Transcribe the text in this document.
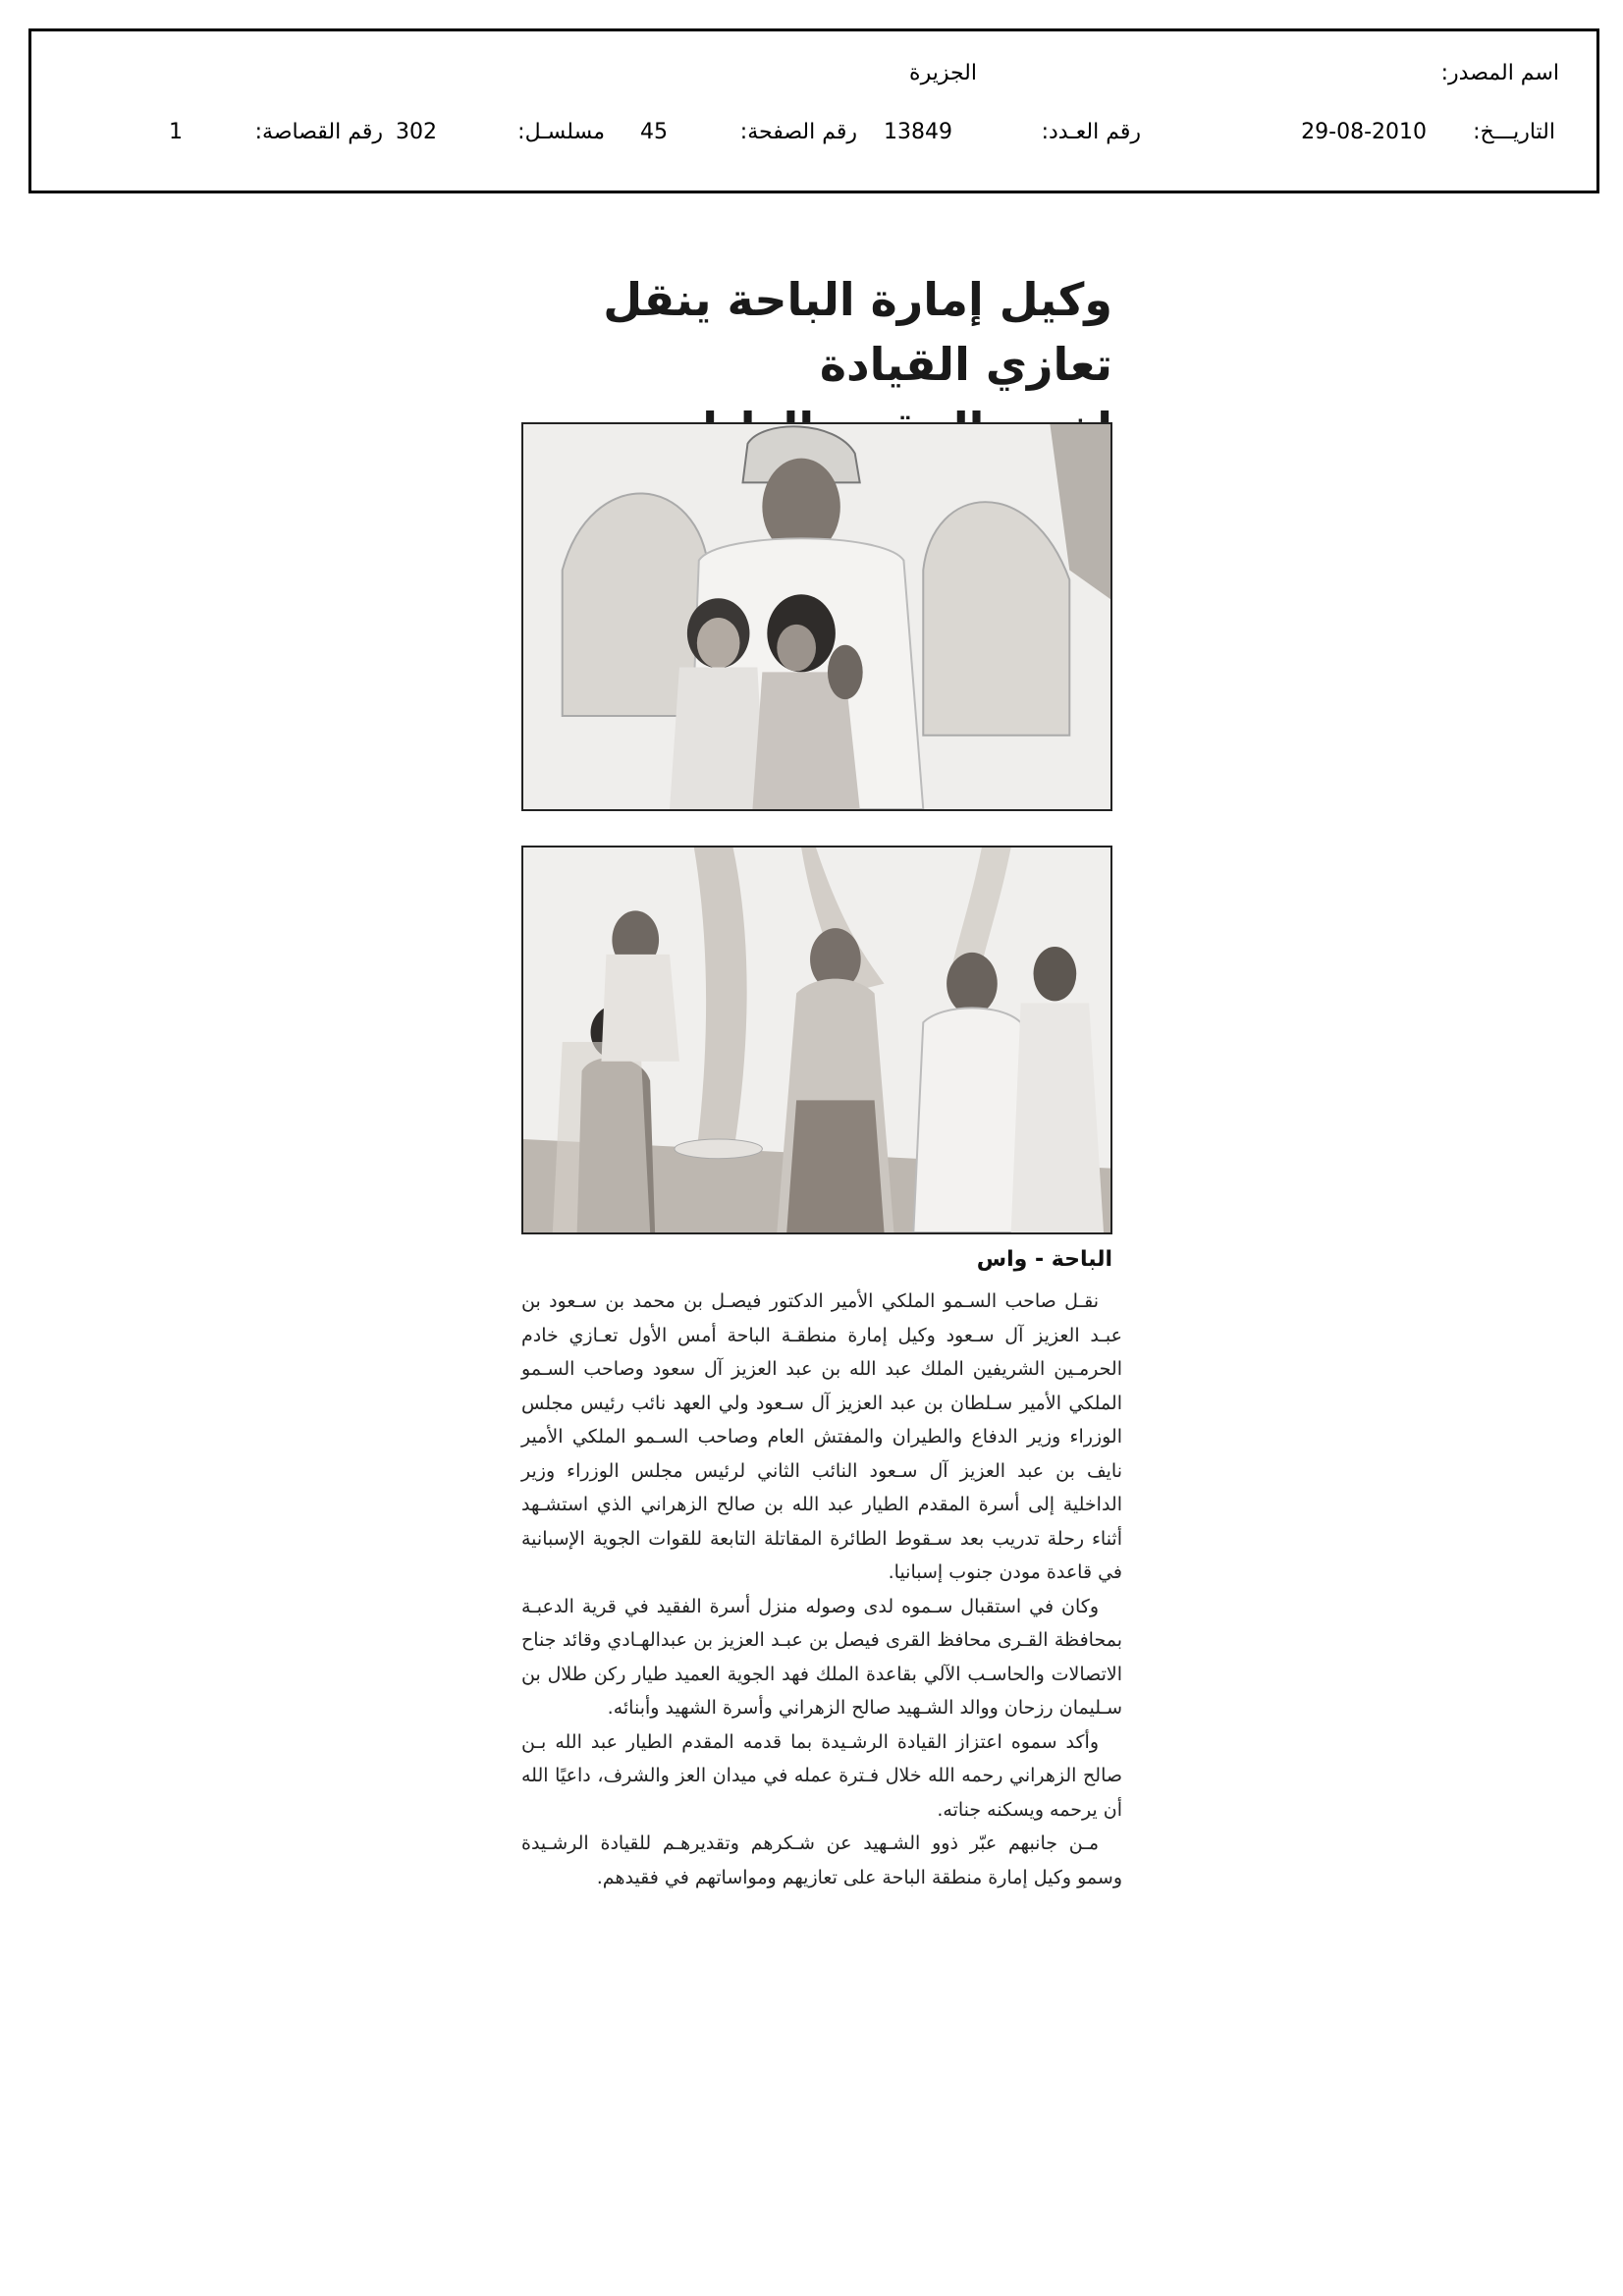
اسم المصدر:
الجزيرة
التاريـــخ:
29-08-2010
رقم العـدد:
13849
رقم الصفحة:
45
مسلسـل:
302
رقم القصاصة:
1
وكيل إمارة الباحة ينقل تعازي القيادة
الباحة - واس

نقـل صاحب السـمو الملكي الأمير الدكتور فيصـل بن محمد بن سـعود بن عبـد العزيز آل سـعود وكيل إمارة منطقـة الباحة أمس الأول تعـازي خادم الحرمـين الشريفين الملك عبد الله بن عبد العزيز آل سعود وصاحب السـمو الملكي الأمير سـلطان بن عبد العزيز آل سـعود ولي العهد نائب رئيس مجلس الوزراء وزير الدفاع والطيران والمفتش العام وصاحب السـمو الملكي الأمير نايف بن عبد العزيز آل سـعود النائب الثاني لرئيس مجلس الوزراء وزير الداخلية إلى أسرة المقدم الطيار عبد الله بن صالح الزهراني الذي استشـهد أثناء رحلة تدريب بعد سـقوط الطائرة المقاتلة التابعة للقوات الجوية الإسبانية في قاعدة مودن جنوب إسبانيا.

وكان في استقبال سـموه لدى وصوله منزل أسرة الفقيد في قرية الدعبـة بمحافظة القـرى محافظ القرى فيصل بن عبـد العزيز بن عبدالهـادي وقائد جناح الاتصالات والحاسـب الآلي بقاعدة الملك فهد الجوية العميد طيار ركن طلال بن سـليمان رزحان ووالد الشـهيد صالح الزهراني وأسرة الشهيد وأبنائه.

وأكد سموه اعتزاز القيادة الرشـيدة بما قدمه المقدم الطيار عبد الله بـن صالح الزهراني رحمه الله خلال فـترة عمله في ميدان العز والشرف، داعيًا الله أن يرحمه ويسكنه جناته.

مـن جانبهم عبّر ذوو الشـهيد عن شـكرهم وتقديرهـم للقيادة الرشـيدة وسمو وكيل إمارة منطقة الباحة على تعازيهم ومواساتهم في فقيدهم.
